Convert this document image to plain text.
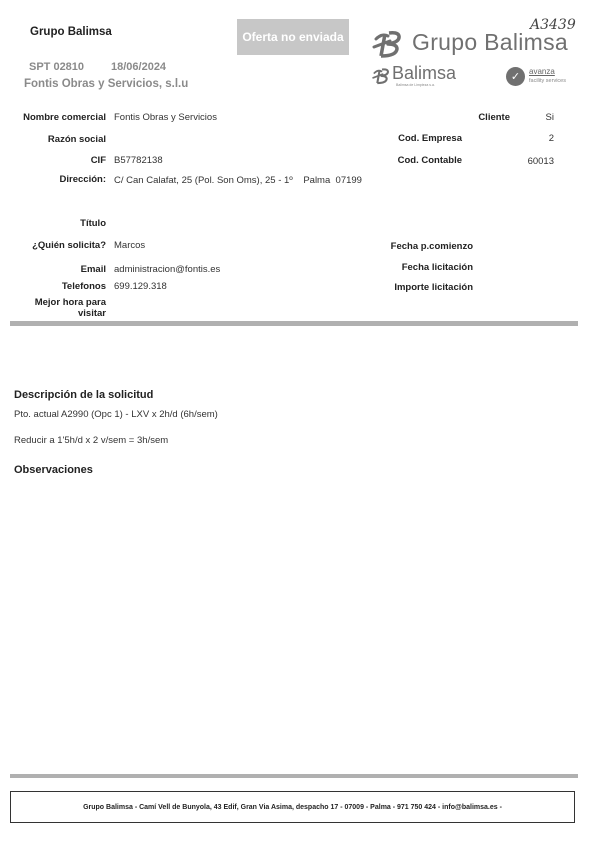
Grupo Balimsa
SPT 02810 18/06/2024
Fontis Obras y Servicios, s.l.u
Oferta no enviada	Grupo Balimsa
A3439
Balimsa
Balimsa de Limpieza s.a.
✓	avanza
facility services
Nombre comercial Fontis Obras y Servicios
Razón social
CIF B57782138
Dirección: C/ Can Calafat, 25 (Pol. Son Oms), 25 - 1º    Palma  07199
Cliente	Si
Cod. Empresa	2
Cod. Contable	60013
Título
¿Quién solicita? Marcos
Email administracion@fontis.es
Telefonos 699.129.318
Mejor hora para
visitar
Fecha p.comienzo
Fecha licitación
Importe licitación
Descripción de la solicitud
Pto. actual A2990 (Opc 1) - LXV x 2h/d (6h/sem)
Reducir a 1'5h/d x 2 v/sem = 3h/sem
Observaciones
Grupo Balimsa - Camí Vell de Bunyola, 43 Edif, Gran Via Asima, despacho 17 - 07009 - Palma - 971 750 424 - info@balimsa.es -
